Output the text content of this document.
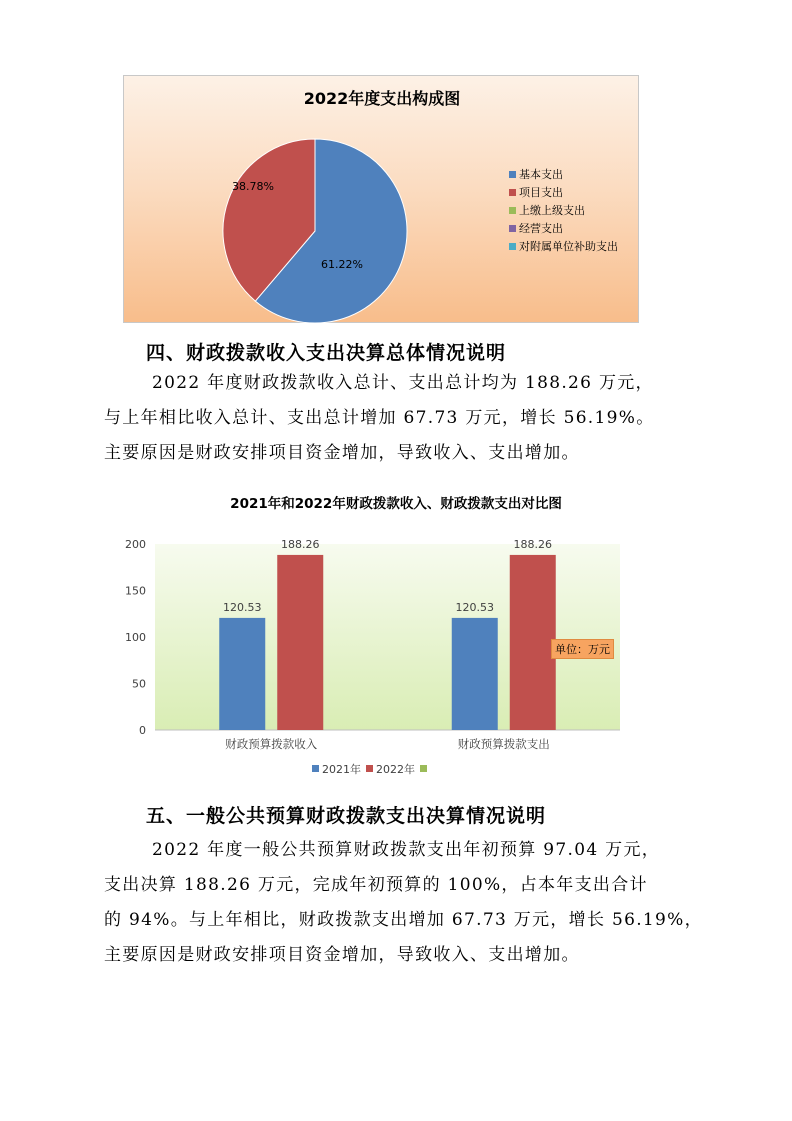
2022年度支出构成图
38.78%
61.22%
基本支出
项目支出
上缴上级支出
经营支出
对附属单位补助支出
四、财政拨款收入支出决算总体情况说明
2022 年度财政拨款收入总计、支出总计均为 188.26 万元，
与上年相比收入总计、支出总计增加 67.73 万元，增长 56.19%。
主要原因是财政安排项目资金增加，导致收入、支出增加。
2021年和2022年财政拨款收入、财政拨款支出对比图
0
50
100
150
200
120.53
188.26
120.53
188.26
财政预算拨款收入	财政预算拨款支出
2021年 2022年
单位：万元
五、一般公共预算财政拨款支出决算情况说明
2022 年度一般公共预算财政拨款支出年初预算 97.04 万元，
支出决算 188.26 万元，完成年初预算的 100%，占本年支出合计
的 94%。与上年相比，财政拨款支出增加 67.73 万元，增长 56.19%，
主要原因是财政安排项目资金增加，导致收入、支出增加。
